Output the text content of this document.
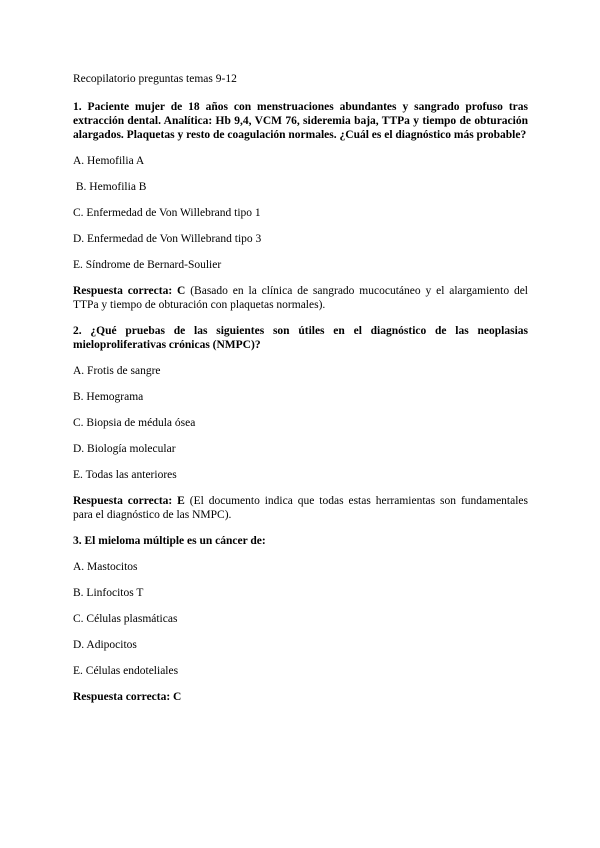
Recopilatorio preguntas temas 9-12
1. Paciente mujer de 18 años con menstruaciones abundantes y sangrado profuso tras extracción dental. Analítica: Hb 9,4, VCM 76, sideremia baja, TTPa y tiempo de obturación alargados. Plaquetas y resto de coagulación normales. ¿Cuál es el diagnóstico más probable?
A. Hemofilia A
B. Hemofilia B
C. Enfermedad de Von Willebrand tipo 1
D. Enfermedad de Von Willebrand tipo 3
E. Síndrome de Bernard-Soulier
Respuesta correcta: C (Basado en la clínica de sangrado mucocutáneo y el alargamiento del TTPa y tiempo de obturación con plaquetas normales).
2. ¿Qué pruebas de las siguientes son útiles en el diagnóstico de las neoplasias mieloproliferativas crónicas (NMPC)?
A. Frotis de sangre
B. Hemograma
C. Biopsia de médula ósea
D. Biología molecular
E. Todas las anteriores
Respuesta correcta: E (El documento indica que todas estas herramientas son fundamentales para el diagnóstico de las NMPC).
3. El mieloma múltiple es un cáncer de:
A. Mastocitos
B. Linfocitos T
C. Células plasmáticas
D. Adipocitos
E. Células endoteliales
Respuesta correcta: C
